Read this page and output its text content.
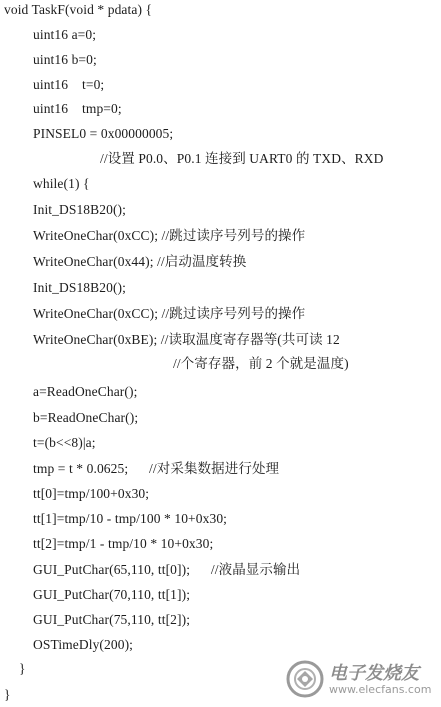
void TaskF(void * pdata) {
uint16 a=0;
uint16 b=0;
uint16    t=0;
uint16    tmp=0;
PINSEL0 = 0x00000005;
//设置 P0.0、P0.1 连接到 UART0 的 TXD、RXD
while(1) {
Init_DS18B20();
WriteOneChar(0xCC); //跳过读序号列号的操作
WriteOneChar(0x44); //启动温度转换
Init_DS18B20();
WriteOneChar(0xCC); //跳过读序号列号的操作
WriteOneChar(0xBE); //读取温度寄存器等(共可读 12
//个寄存器，前 2 个就是温度)
a=ReadOneChar();
b=ReadOneChar();
t=(b<<8)|a;
tmp = t * 0.0625;      //对采集数据进行处理
tt[0]=tmp/100+0x30;
tt[1]=tmp/10 - tmp/100 * 10+0x30;
tt[2]=tmp/1 - tmp/10 * 10+0x30;
GUI_PutChar(65,110, tt[0]);      //液晶显示输出
GUI_PutChar(70,110, tt[1]);
GUI_PutChar(75,110, tt[2]);
OSTimeDly(200);
}
}
电子发烧友
www.elecfans.com
